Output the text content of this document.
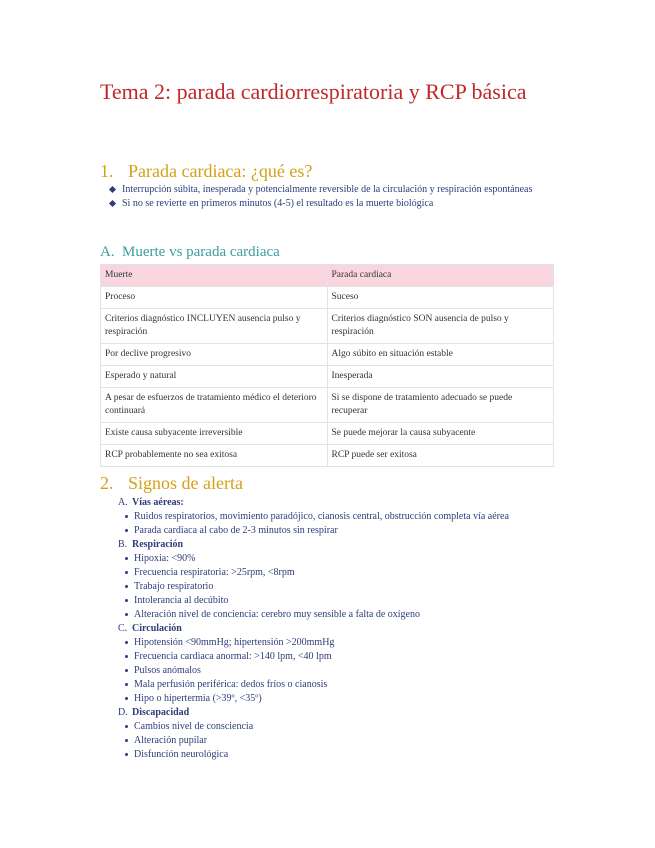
Tema 2: parada cardiorrespiratoria y RCP básica
1. Parada cardiaca: ¿qué es?
Interrupción súbita, inesperada y potencialmente reversible de la circulación y respiración espontáneas
Si no se revierte en primeros minutos (4-5) el resultado es la muerte biológica
A. Muerte vs parada cardiaca
Muerte	Parada cardiaca
Proceso	Suceso
Criterios diagnóstico INCLUYEN ausencia pulso y respiración	Criterios diagnóstico SON ausencia de pulso y respiración
Por declive progresivo	Algo súbito en situación estable
Esperado y natural	Inesperada
A pesar de esfuerzos de tratamiento médico el deterioro continuará	Si se dispone de tratamiento adecuado se puede recuperar
Existe causa subyacente irreversible	Se puede mejorar la causa subyacente
RCP probablemente no sea exitosa	RCP puede ser exitosa
2. Signos de alerta
A. Vías aéreas:
Ruidos respiratorios, movimiento paradójico, cianosis central, obstrucción completa vía aérea
Parada cardiaca al cabo de 2-3 minutos sin respirar
B. Respiración
Hipoxia: <90%
Frecuencia respiratoria: >25rpm, <8rpm
Trabajo respiratorio
Intolerancia al decúbito
Alteración nivel de conciencia: cerebro muy sensible a falta de oxígeno
C. Circulación
Hipotensión <90mmHg; hipertensión >200mmHg
Frecuencia cardiaca anormal: >140 lpm, <40 lpm
Pulsos anómalos
Mala perfusión periférica: dedos fríos o cianosis
Hipo o hipertermia (>39º, <35º)
D. Discapacidad
Cambios nivel de consciencia
Alteración pupilar
Disfunción neurológica
